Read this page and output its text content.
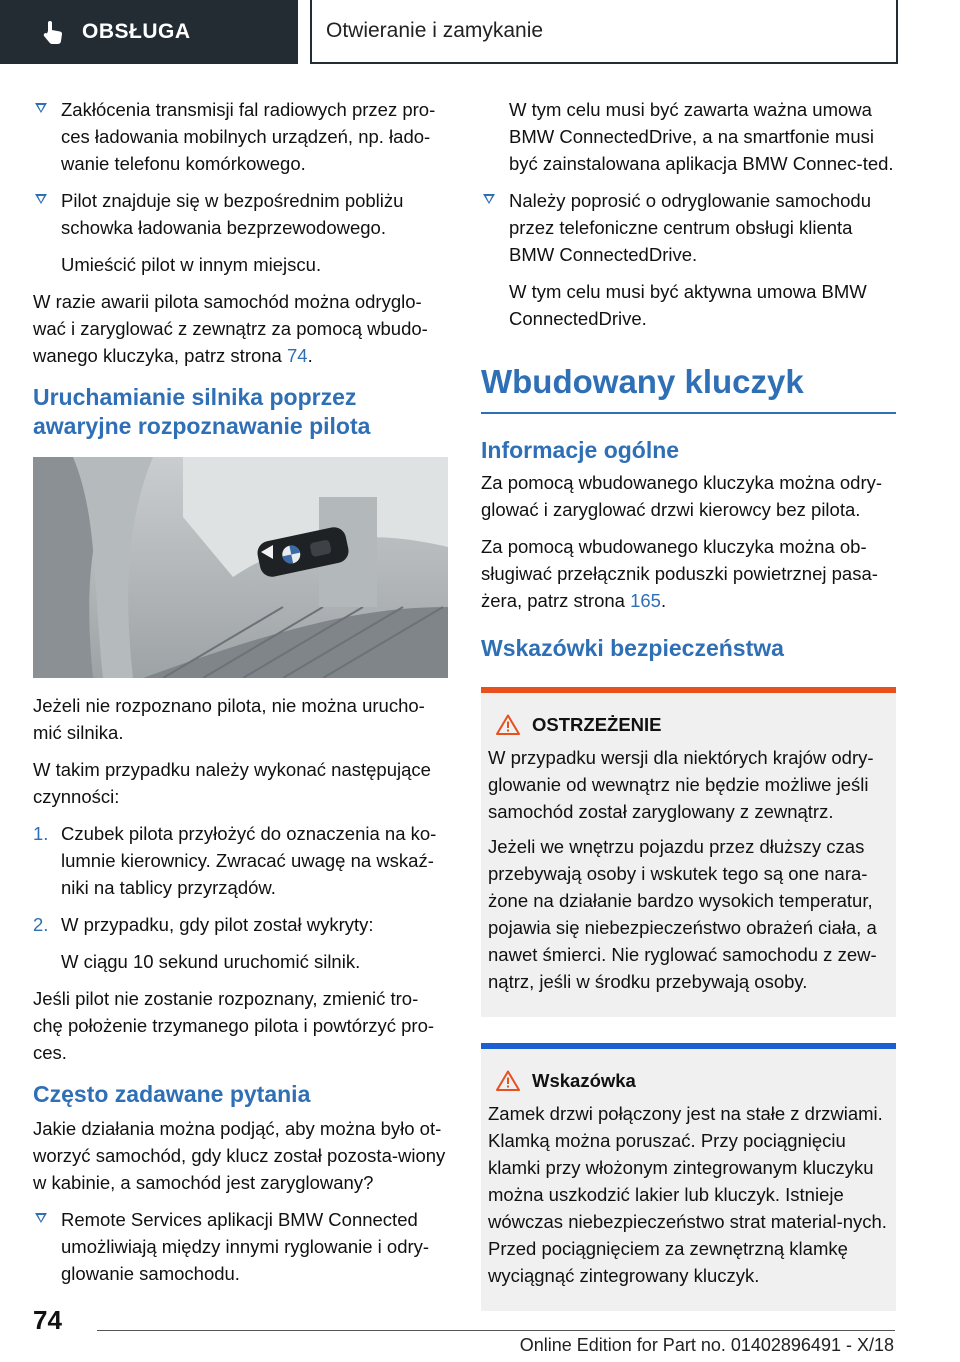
OBSŁUGA	Otwieranie i zamykanie
Zakłócenia transmisji fal radiowych przez pro-ces ładowania mobilnych urządzeń, np. łado-wanie telefonu komórkowego.
Pilot znajduje się w bezpośrednim pobliżu schowka ładowania bezprzewodowego.

Umieścić pilot w innym miejscu.

W razie awarii pilota samochód można odryglo-wać i zaryglować z zewnątrz za pomocą wbudo-wanego kluczyka, patrz strona 74.

Uruchamianie silnika poprzez awaryjne rozpoznawanie pilota

Jeżeli nie rozpoznano pilota, nie można urucho-mić silnika.

W takim przypadku należy wykonać następujące czynności:

1. Czubek pilota przyłożyć do oznaczenia na ko-lumnie kierownicy. Zwracać uwagę na wskaź-niki na tablicy przyrządów.
2. W przypadku, gdy pilot został wykryty:

W ciągu 10 sekund uruchomić silnik.

Jeśli pilot nie zostanie rozpoznany, zmienić tro-chę położenie trzymanego pilota i powtórzyć pro-ces.

Często zadawane pytania

Jakie działania można podjąć, aby można było ot-worzyć samochód, gdy klucz został pozosta-wiony w kabinie, a samochód jest zaryglowany?

Remote Services aplikacji BMW Connected umożliwiają między innymi ryglowanie i odry-glowanie samochodu.

W tym celu musi być zawarta ważna umowa BMW ConnectedDrive, a na smartfonie musi być zainstalowana aplikacja BMW Connec-ted.

Należy poprosić o odryglowanie samochodu przez telefoniczne centrum obsługi klienta BMW ConnectedDrive.

W tym celu musi być aktywna umowa BMW ConnectedDrive.

Wbudowany kluczyk
Informacje ogólne

Za pomocą wbudowanego kluczyka można odry-glować i zaryglować drzwi kierowcy bez pilota.

Za pomocą wbudowanego kluczyka można ob-sługiwać przełącznik poduszki powietrznej pasa-żera, patrz strona 165.

Wskazówki bezpieczeństwa
OSTRZEŻENIE

W przypadku wersji dla niektórych krajów odry-glowanie od wewnątrz nie będzie możliwe jeśli samochód został zaryglowany z zewnątrz.

Jeżeli we wnętrzu pojazdu przez dłuższy czas przebywają osoby i wskutek tego są one nara-żone na działanie bardzo wysokich temperatur, pojawia się niebezpieczeństwo obrażeń ciała, a nawet śmierci. Nie ryglować samochodu z zew-nątrz, jeśli w środku przebywają osoby.

Wskazówka

Zamek drzwi połączony jest na stałe z drzwiami. Klamką można poruszać. Przy pociągnięciu klamki przy włożonym zintegrowanym kluczyku można uszkodzić lakier lub kluczyk. Istnieje wówczas niebezpieczeństwo strat material-nych. Przed pociągnięciem za zewnętrzną klamkę wyciągnąć zintegrowany kluczyk.

74
Online Edition for Part no. 01402896491 - X/18
